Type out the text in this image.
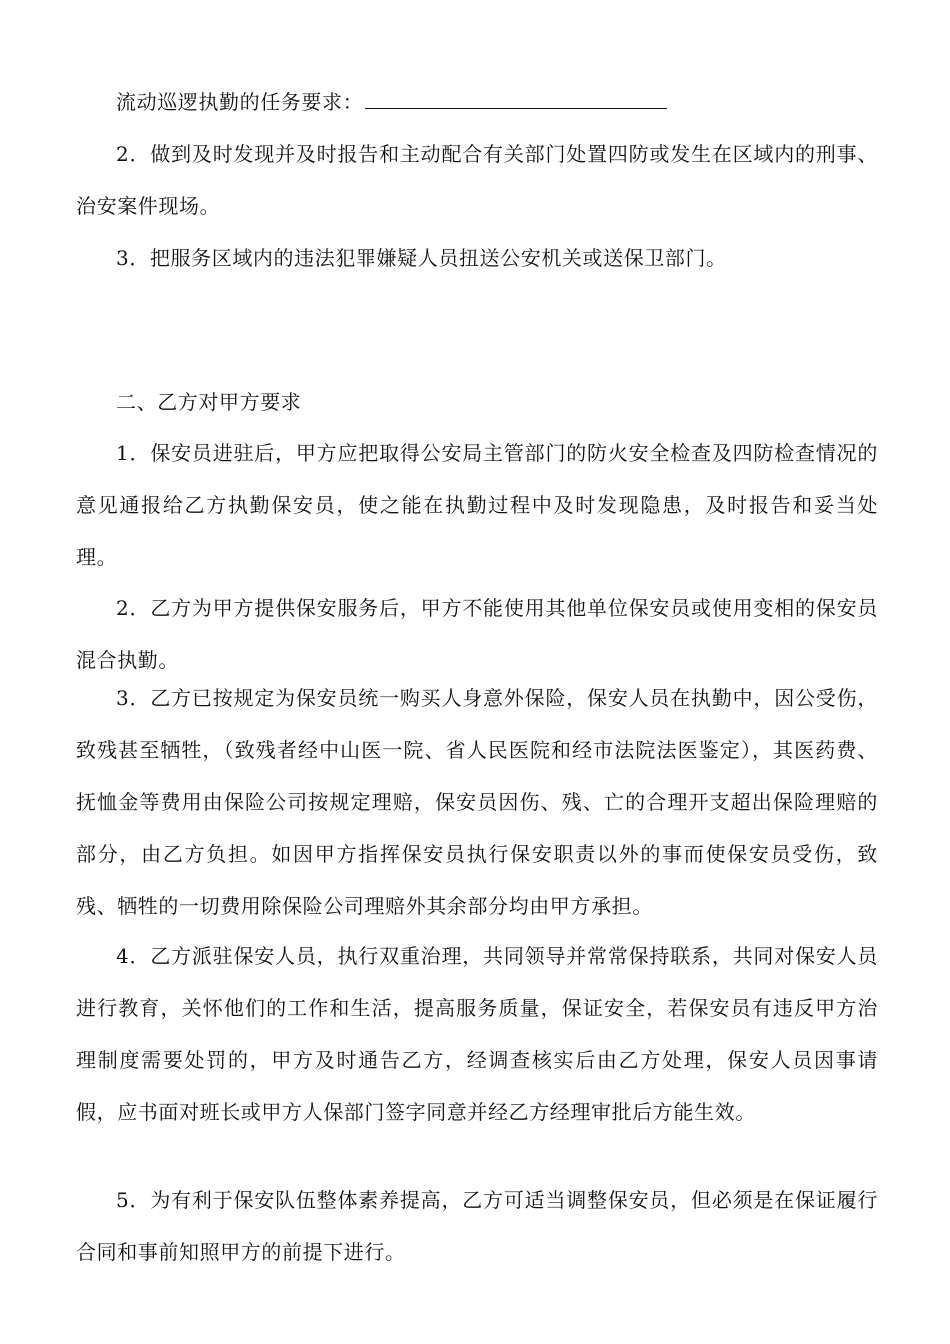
流动巡逻执勤的任务要求：

2．做到及时发现并及时报告和主动配合有关部门处置四防或发生在区域内的刑事、治安案件现场。

3．把服务区域内的违法犯罪嫌疑人员扭送公安机关或送保卫部门。

二、乙方对甲方要求

1．保安员进驻后，甲方应把取得公安局主管部门的防火安全检查及四防检查情况的意见通报给乙方执勤保安员，使之能在执勤过程中及时发现隐患，及时报告和妥当处理。

2．乙方为甲方提供保安服务后，甲方不能使用其他单位保安员或使用变相的保安员混合执勤。

3．乙方已按规定为保安员统一购买人身意外保险，保安人员在执勤中，因公受伤，致残甚至牺牲，（致残者经中山医一院、省人民医院和经市法院法医鉴定），其医药费、抚恤金等费用由保险公司按规定理赔，保安员因伤、残、亡的合理开支超出保险理赔的部分，由乙方负担。如因甲方指挥保安员执行保安职责以外的事而使保安员受伤，致残、牺牲的一切费用除保险公司理赔外其余部分均由甲方承担。

4．乙方派驻保安人员，执行双重治理，共同领导并常常保持联系，共同对保安人员进行教育，关怀他们的工作和生活，提高服务质量，保证安全，若保安员有违反甲方治理制度需要处罚的，甲方及时通告乙方，经调查核实后由乙方处理，保安人员因事请假，应书面对班长或甲方人保部门签字同意并经乙方经理审批后方能生效。

5．为有利于保安队伍整体素养提高，乙方可适当调整保安员，但必须是在保证履行合同和事前知照甲方的前提下进行。
